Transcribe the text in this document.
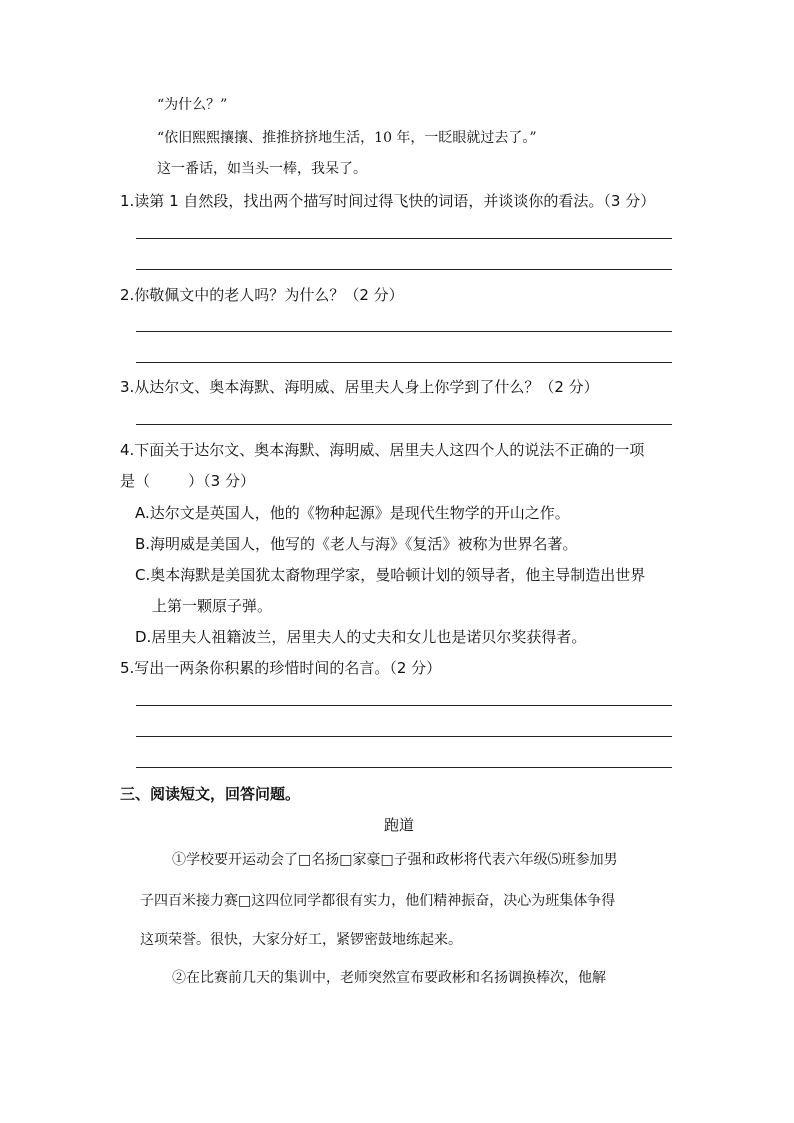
“为什么？”
“依旧熙熙攘攘、推推挤挤地生活，10 年，一眨眼就过去了。”
这一番话，如当头一棒，我呆了。
1.读第 1 自然段，找出两个描写时间过得飞快的词语，并谈谈你的看法。（3 分）
2.你敬佩文中的老人吗？为什么？（2 分）
3.从达尔文、奥本海默、海明威、居里夫人身上你学到了什么？（2 分）
4.下面关于达尔文、奥本海默、海明威、居里夫人这四个人的说法不正确的一项
是（        ）（3 分）
A.达尔文是英国人，他的《物种起源》是现代生物学的开山之作。
B.海明威是美国人，他写的《老人与海》《复活》被称为世界名著。
C.奥本海默是美国犹太裔物理学家，曼哈顿计划的领导者，他主导制造出世界
上第一颗原子弹。
D.居里夫人祖籍波兰，居里夫人的丈夫和女儿也是诺贝尔奖获得者。
5.写出一两条你积累的珍惜时间的名言。（2 分）
三、阅读短文，回答问题。
跑道
①学校要开运动会了□名扬□家豪□子强和政彬将代表六年级⑸班参加男
子四百米接力赛□这四位同学都很有实力，他们精神振奋，决心为班集体争得
这项荣誉。很快，大家分好工，紧锣密鼓地练起来。
②在比赛前几天的集训中，老师突然宣布要政彬和名扬调换棒次，他解
